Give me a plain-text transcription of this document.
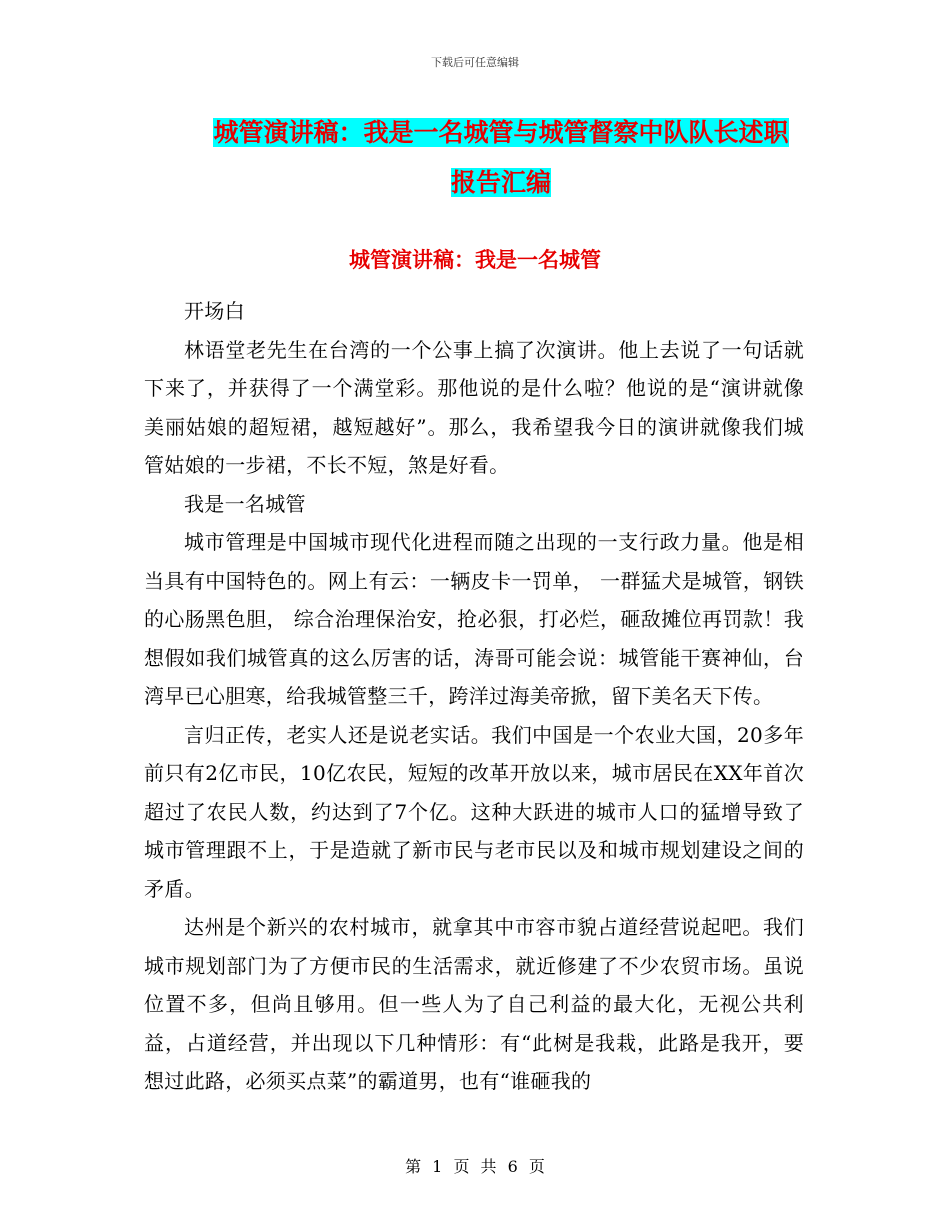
下载后可任意编辑
城管演讲稿：我是一名城管与城管督察中队队长述职
报告汇编
城管演讲稿：我是一名城管

开场白

林语堂老先生在台湾的一个公事上搞了次演讲。他上去说了一句话就下来了，并获得了一个满堂彩。那他说的是什么啦？他说的是“演讲就像美丽姑娘的超短裙，越短越好”。那么，我希望我今日的演讲就像我们城管姑娘的一步裙，不长不短，煞是好看。

我是一名城管

城市管理是中国城市现代化进程而随之出现的一支行政力量。他是相当具有中国特色的。网上有云：一辆皮卡一罚单， 一群猛犬是城管，钢铁的心肠黑色胆， 综合治理保治安，抢必狠，打必烂，砸敌摊位再罚款！我想假如我们城管真的这么厉害的话，涛哥可能会说：城管能干赛神仙，台湾早已心胆寒，给我城管整三千，跨洋过海美帝掀，留下美名天下传。

言归正传，老实人还是说老实话。我们中国是一个农业大国，20多年前只有2亿市民，10亿农民，短短的改革开放以来，城市居民在XX年首次超过了农民人数，约达到了7个亿。这种大跃进的城市人口的猛增导致了城市管理跟不上，于是造就了新市民与老市民以及和城市规划建设之间的矛盾。

达州是个新兴的农村城市，就拿其中市容市貌占道经营说起吧。我们城市规划部门为了方便市民的生活需求，就近修建了不少农贸市场。虽说位置不多，但尚且够用。但一些人为了自己利益的最大化，无视公共利益，占道经营，并出现以下几种情形：有“此树是我栽，此路是我开，要想过此路，必须买点菜”的霸道男，也有“谁砸我的

第 1 页 共 6 页
